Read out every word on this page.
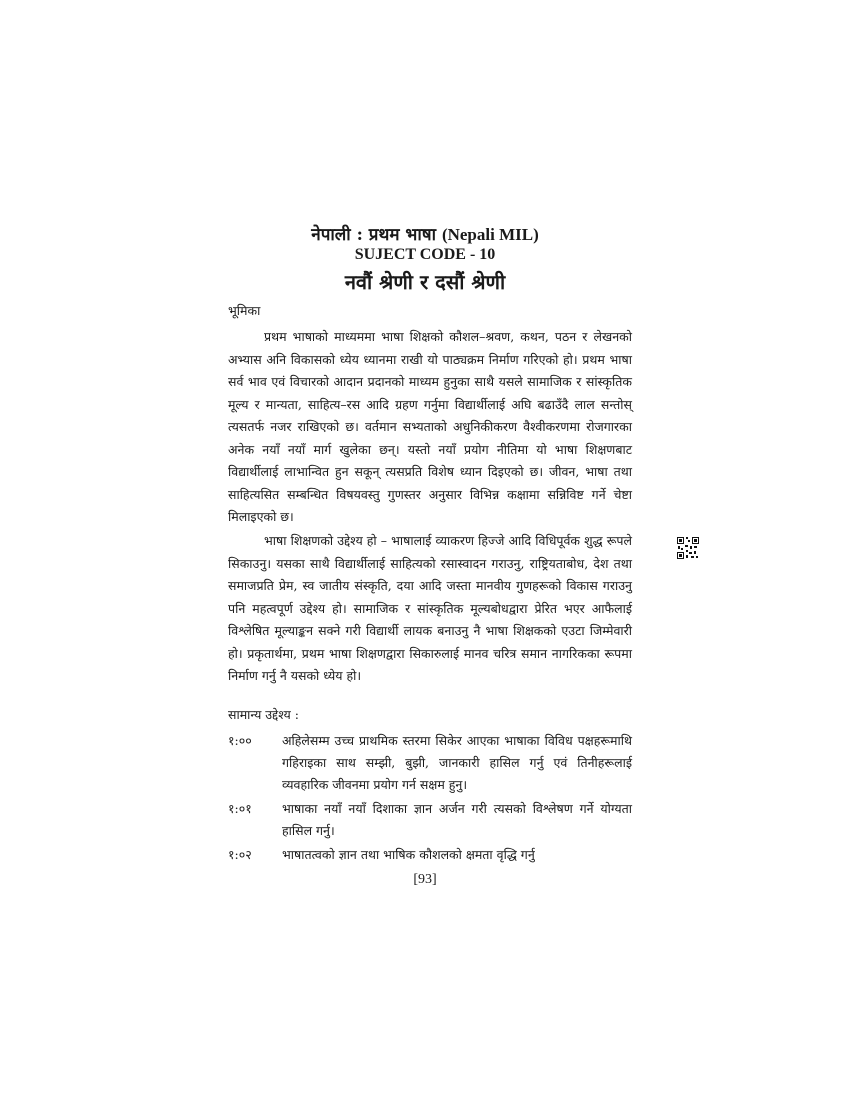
नेपाली : प्रथम भाषा (Nepali MIL)
SUJECT CODE - 10
नवौं श्रेणी र दसौं श्रेणी
भूमिका

प्रथम भाषाको माध्यममा भाषा शिक्षको कौशल–श्रवण, कथन, पठन र लेखनको अभ्यास अनि विकासको ध्येय ध्यानमा राखी यो पाठ्यक्रम निर्माण गरिएको हो। प्रथम भाषा सर्व भाव एवं विचारको आदान प्रदानको माध्यम हुनुका साथै यसले सामाजिक र सांस्कृतिक मूल्य र मान्यता, साहित्य–रस आदि ग्रहण गर्नुमा विद्यार्थीलाई अघि बढाउँदै लाल सन्तोस् त्यसतर्फ नजर राखिएको छ। वर्तमान सभ्यताको अधुनिकीकरण वैश्वीकरणमा रोजगारका अनेक नयाँ नयाँ मार्ग खुलेका छन्। यस्तो नयाँ प्रयोग नीतिमा यो भाषा शिक्षणबाट विद्यार्थीलाई लाभान्वित हुन सकून् त्यसप्रति विशेष ध्यान दिइएको छ। जीवन, भाषा तथा साहित्यसित सम्बन्धित विषयवस्तु गुणस्तर अनुसार विभिन्न कक्षामा सन्निविष्ट गर्ने चेष्टा मिलाइएको छ।

भाषा शिक्षणको उद्देश्य हो – भाषालाई व्याकरण हिज्जे आदि विधिपूर्वक शुद्ध रूपले सिकाउनु। यसका साथै विद्यार्थीलाई साहित्यको रसास्वादन गराउनु, राष्ट्रियताबोध, देश तथा समाजप्रति प्रेम, स्व जातीय संस्कृति, दया आदि जस्ता मानवीय गुणहरूको विकास गराउनु पनि महत्वपूर्ण उद्देश्य हो। सामाजिक र सांस्कृतिक मूल्यबोधद्वारा प्रेरित भएर आफैलाई विश्लेषित मूल्याङ्कन सक्ने गरी विद्यार्थी लायक बनाउनु नै भाषा शिक्षकको एउटा जिम्मेवारी हो। प्रकृतार्थमा, प्रथम भाषा शिक्षणद्वारा सिकारुलाई मानव चरित्र समान नागरिकका रूपमा निर्माण गर्नु नै यसको ध्येय हो।

सामान्य उद्देश्य :
१:००	अहिलेसम्म उच्च प्राथमिक स्तरमा सिकेर आएका भाषाका विविध पक्षहरूमाथि गहिराइका साथ सम्झी, बुझी, जानकारी हासिल गर्नु एवं तिनीहरूलाई व्यवहारिक जीवनमा प्रयोग गर्न सक्षम हुनु।
१:०१	भाषाका नयाँ नयाँ दिशाका ज्ञान अर्जन गरी त्यसको विश्लेषण गर्ने योग्यता हासिल गर्नु।
१:०२	भाषातत्वको ज्ञान तथा भाषिक कौशलको क्षमता वृद्धि गर्नु
[93]
